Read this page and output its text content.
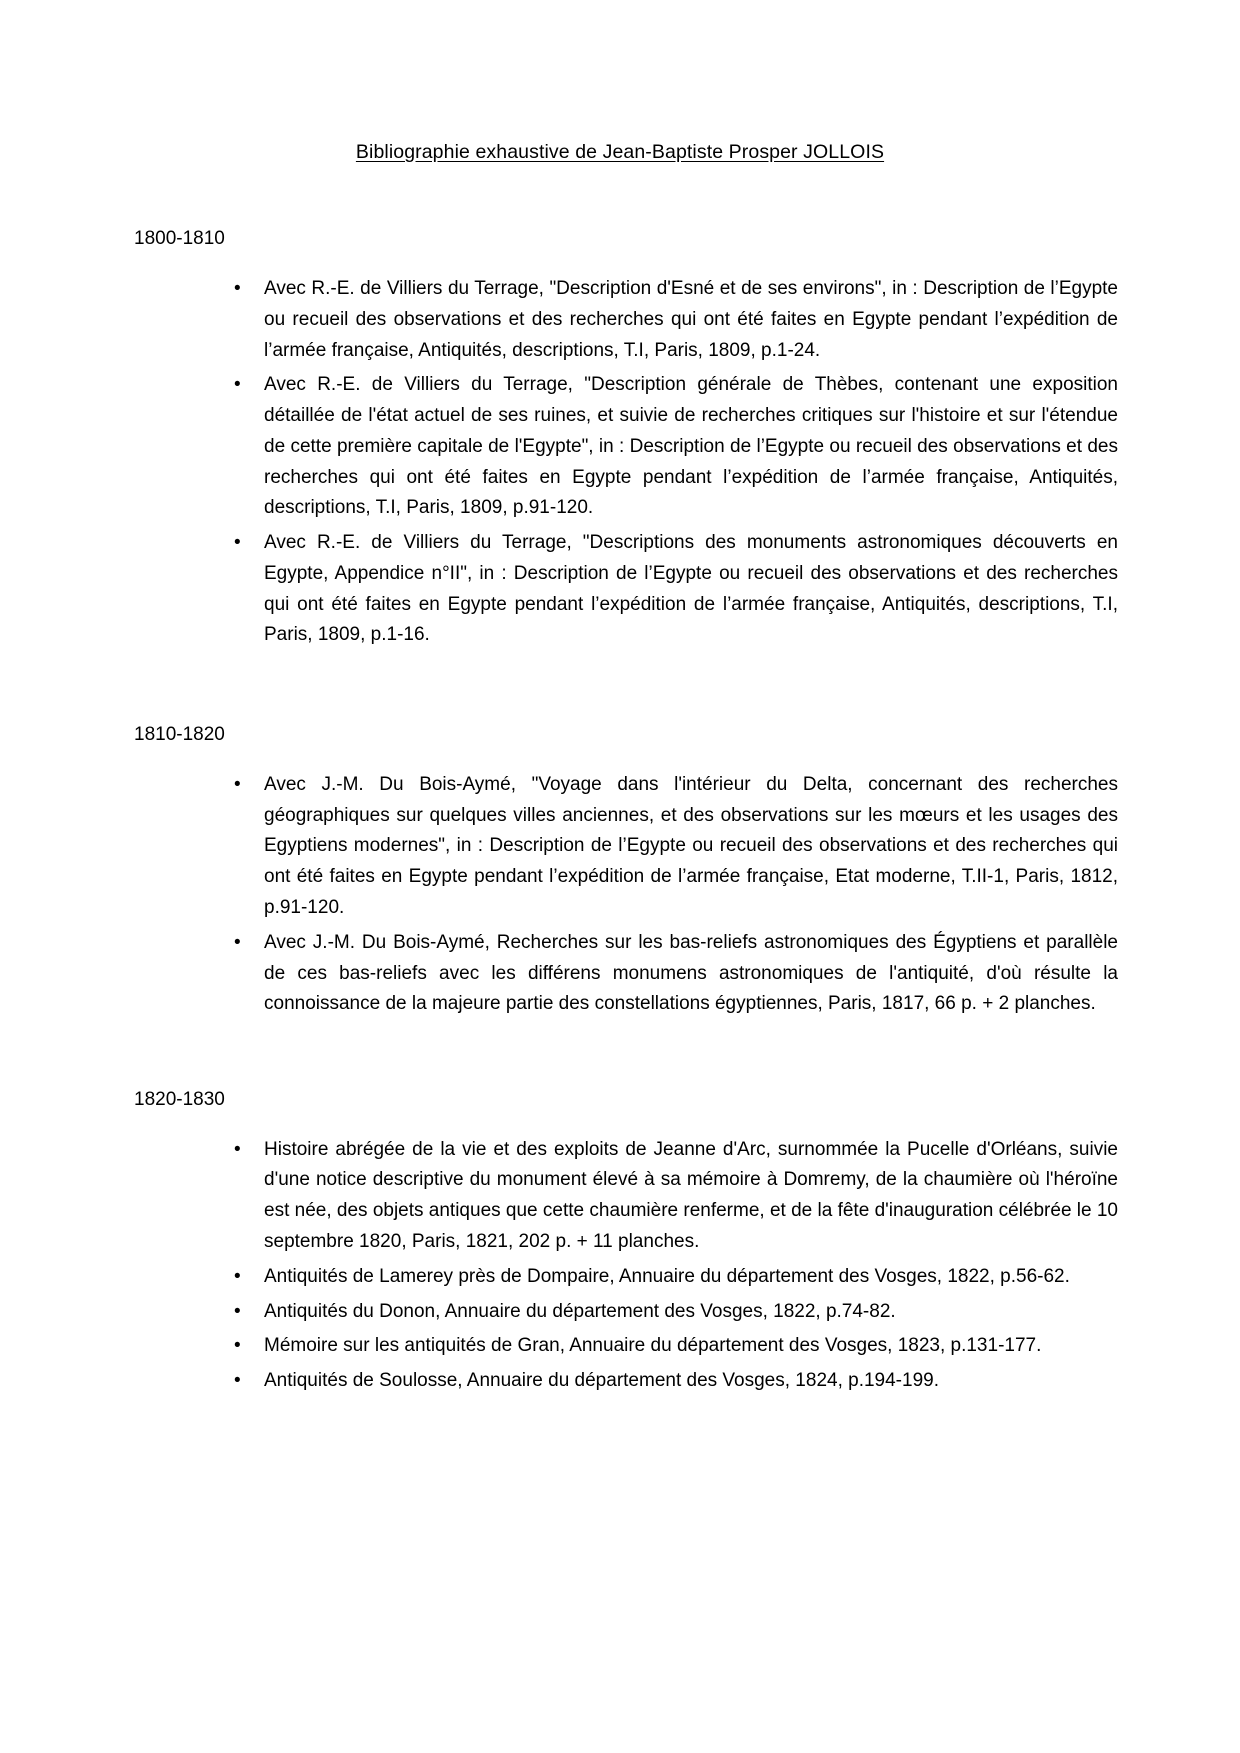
Bibliographie exhaustive de Jean-Baptiste Prosper JOLLOIS
1800-1810
• Avec R.-E. de Villiers du Terrage, "Description d'Esné et de ses environs", in : Description de l’Egypte ou recueil des observations et des recherches qui ont été faites en Egypte pendant l’expédition de l’armée française, Antiquités, descriptions, T.I, Paris, 1809, p.1-24.
• Avec R.-E. de Villiers du Terrage, "Description générale de Thèbes, contenant une exposition détaillée de l'état actuel de ses ruines, et suivie de recherches critiques sur l'histoire et sur l'étendue de cette première capitale de l'Egypte", in : Description de l’Egypte ou recueil des observations et des recherches qui ont été faites en Egypte pendant l’expédition de l’armée française, Antiquités, descriptions, T.I, Paris, 1809, p.91-120.
• Avec R.-E. de Villiers du Terrage, "Descriptions des monuments astronomiques découverts en Egypte, Appendice n°II", in : Description de l’Egypte ou recueil des observations et des recherches qui ont été faites en Egypte pendant l’expédition de l’armée française, Antiquités, descriptions, T.I, Paris, 1809, p.1-16.
1810-1820
• Avec J.-M. Du Bois-Aymé, "Voyage dans l'intérieur du Delta, concernant des recherches géographiques sur quelques villes anciennes, et des observations sur les mœurs et les usages des Egyptiens modernes", in : Description de l’Egypte ou recueil des observations et des recherches qui ont été faites en Egypte pendant l’expédition de l’armée française, Etat moderne, T.II-1, Paris, 1812, p.91-120.
• Avec J.-M. Du Bois-Aymé, Recherches sur les bas-reliefs astronomiques des Égyptiens et parallèle de ces bas-reliefs avec les différens monumens astronomiques de l'antiquité, d'où résulte la connoissance de la majeure partie des constellations égyptiennes, Paris, 1817, 66 p. + 2 planches.
1820-1830
• Histoire abrégée de la vie et des exploits de Jeanne d'Arc, surnommée la Pucelle d'Orléans, suivie d'une notice descriptive du monument élevé à sa mémoire à Domremy, de la chaumière où l'héroïne est née, des objets antiques que cette chaumière renferme, et de la fête d'inauguration célébrée le 10 septembre 1820, Paris, 1821, 202 p. + 11 planches.
• Antiquités de Lamerey près de Dompaire, Annuaire du département des Vosges, 1822, p.56-62.
• Antiquités du Donon, Annuaire du département des Vosges, 1822, p.74-82.
• Mémoire sur les antiquités de Gran, Annuaire du département des Vosges, 1823, p.131-177.
• Antiquités de Soulosse, Annuaire du département des Vosges, 1824, p.194-199.
